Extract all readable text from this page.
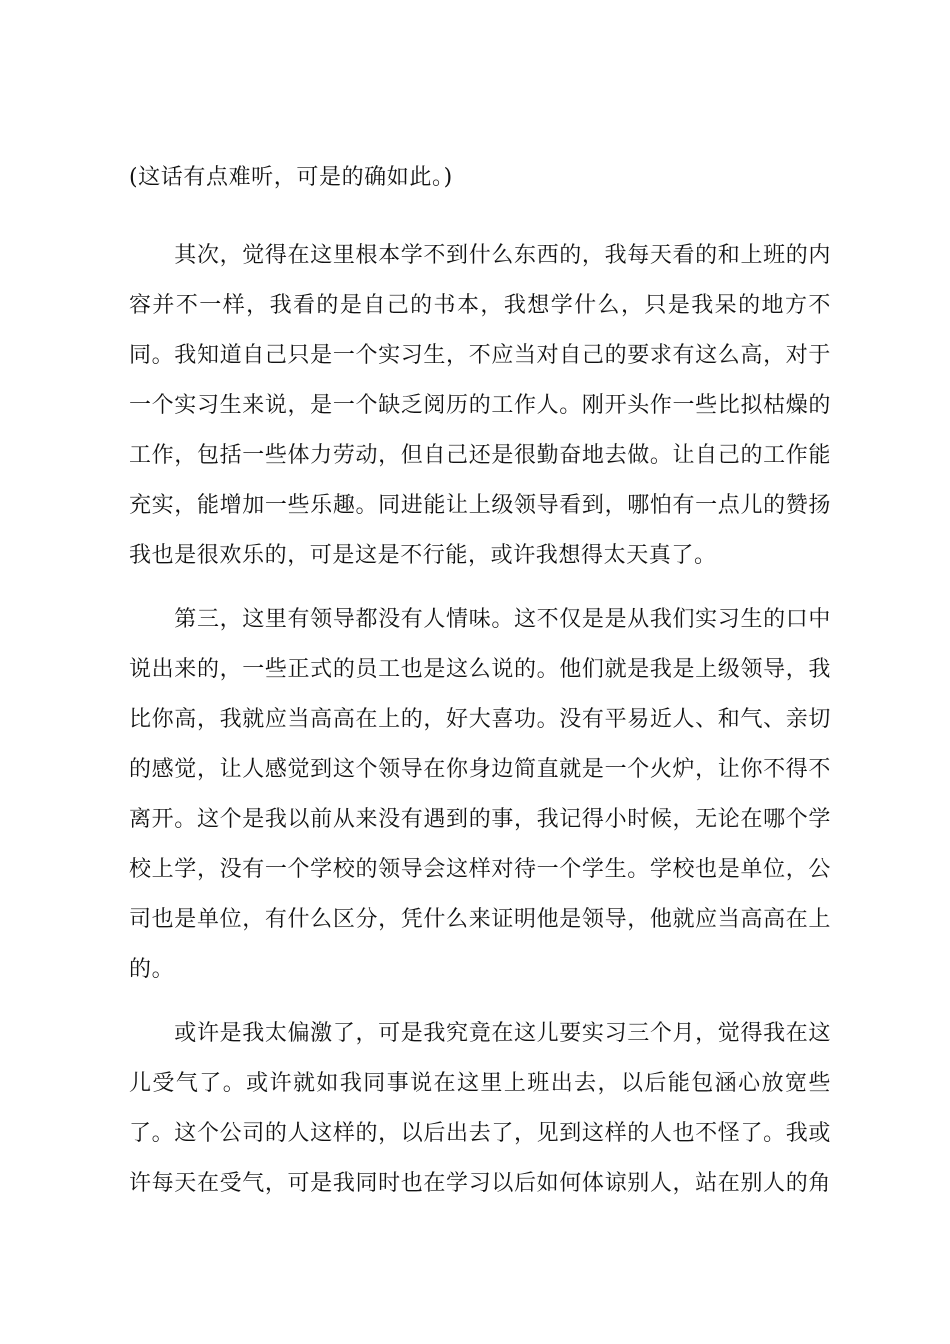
(这话有点难听，可是的确如此。)
　　其次，觉得在这里根本学不到什么东西的，我每天看的和上班的内
容并不一样，我看的是自己的书本，我想学什么，只是我呆的地方不
同。我知道自己只是一个实习生，不应当对自己的要求有这么高，对于
一个实习生来说，是一个缺乏阅历的工作人。刚开头作一些比拟枯燥的
工作，包括一些体力劳动，但自己还是很勤奋地去做。让自己的工作能
充实，能增加一些乐趣。同进能让上级领导看到，哪怕有一点儿的赞扬
我也是很欢乐的，可是这是不行能，或许我想得太天真了。
　　第三，这里有领导都没有人情味。这不仅是是从我们实习生的口中
说出来的，一些正式的员工也是这么说的。他们就是我是上级领导，我
比你高，我就应当高高在上的，好大喜功。没有平易近人、和气、亲切
的感觉，让人感觉到这个领导在你身边简直就是一个火炉，让你不得不
离开。这个是我以前从来没有遇到的事，我记得小时候，无论在哪个学
校上学，没有一个学校的领导会这样对待一个学生。学校也是单位，公
司也是单位，有什么区分，凭什么来证明他是领导，他就应当高高在上
的。
　　或许是我太偏激了，可是我究竟在这儿要实习三个月，觉得我在这
儿受气了。或许就如我同事说在这里上班出去，以后能包涵心放宽些
了。这个公司的人这样的，以后出去了，见到这样的人也不怪了。我或
许每天在受气，可是我同时也在学习以后如何体谅别人，站在别人的角
